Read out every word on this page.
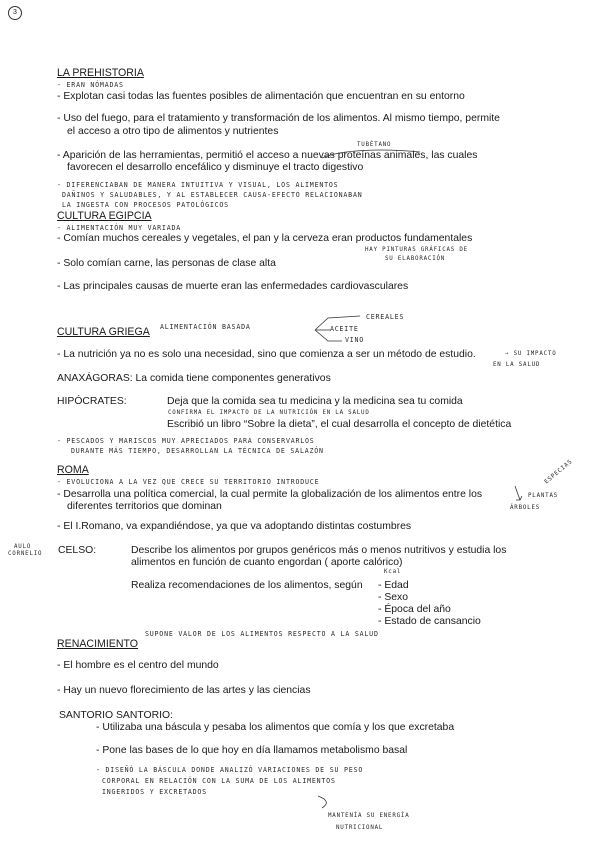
3
LA PREHISTORIA
- ERAN NÓMADAS
- Explotan casi todas las fuentes posibles de alimentación que encuentran en su entorno
- Uso del fuego, para el tratamiento y transformación de los alimentos. Al mismo tiempo, permite
el acceso a otro tipo de alimentos y nutrientes
TUBÉTANO
- Aparición de las herramientas, permitió el acceso a nuevas proteínas animales, las cuales
favorecen el desarrollo encefálico y disminuye el tracto digestivo
- DIFERENCIABAN DE MANERA INTUITIVA Y VISUAL, LOS ALIMENTOS
DAÑINOS Y SALUDABLES, Y AL ESTABLECER CAUSA-EFECTO RELACIONABAN
LA INGESTA CON PROCESOS PATOLÓGICOS
CULTURA EGIPCIA
- ALIMENTACIÓN MUY VARIADA
- Comían muchos cereales y vegetales, el pan y la cerveza eran productos fundamentales
HAY PINTURAS GRÁFICAS DE
SU ELABORACIÓN
- Solo comían carne, las personas de clase alta
- Las principales causas de muerte eran las enfermedades cardiovasculares
CEREALES
CULTURA GRIEGA ALIMENTACIÓN BASADA	ACEITE
VINO
- La nutrición ya no es solo una necesidad, sino que comienza a ser un método de estudio.	→ SU IMPACTO
EN LA SALUD
ANAXÁGORAS: La comida tiene componentes generativos
HIPÓCRATES:	Deja que la comida sea tu medicina y la medicina sea tu comida
CONFIRMA EL IMPACTO DE LA NUTRICIÓN EN LA SALUD
Escribió un libro “Sobre la dieta”, el cual desarrolla el concepto de dietética
- PESCADOS Y MARISCOS MUY APRECIADOS PARA CONSERVARLOS
DURANTE MÁS TIEMPO, DESARROLLAN LA TÉCNICA DE SALAZÓN
ROMA	ESPECIAS
- EVOLUCIONA A LA VEZ QUE CRECE SU TERRITORIO INTRODUCE
- Desarrolla una política comercial, la cual permite la globalización de los alimentos entre los	PLANTAS
diferentes territorios que dominan	ÁRBOLES
- El I.Romano, va expandiéndose, ya que va adoptando distintas costumbres
AULO
CORNELIO CELSO:	Describe los alimentos por grupos genéricos más o menos nutritivos y estudia los
alimentos en función de cuanto engordan ( aporte calórico)
Kcal
Realiza recomendaciones de los alimentos, según - Edad
- Sexo
- Época del año
- Estado de cansancio
SUPONE VALOR DE LOS ALIMENTOS RESPECTO A LA SALUD
RENACIMIENTO
- El hombre es el centro del mundo
- Hay un nuevo florecimiento de las artes y las ciencias
SANTORIO SANTORIO:
- Utilizaba una báscula y pesaba los alimentos que comía y los que excretaba
- Pone las bases de lo que hoy en día llamamos metabolismo basal
- DISEÑÓ LA BÁSCULA DONDE ANALIZÓ VARIACIONES DE SU PESO
CORPORAL EN RELACIÓN CON LA SUMA DE LOS ALIMENTOS
INGERIDOS Y EXCRETADOS
MANTENÍA SU ENERGÍA
NUTRICIONAL
